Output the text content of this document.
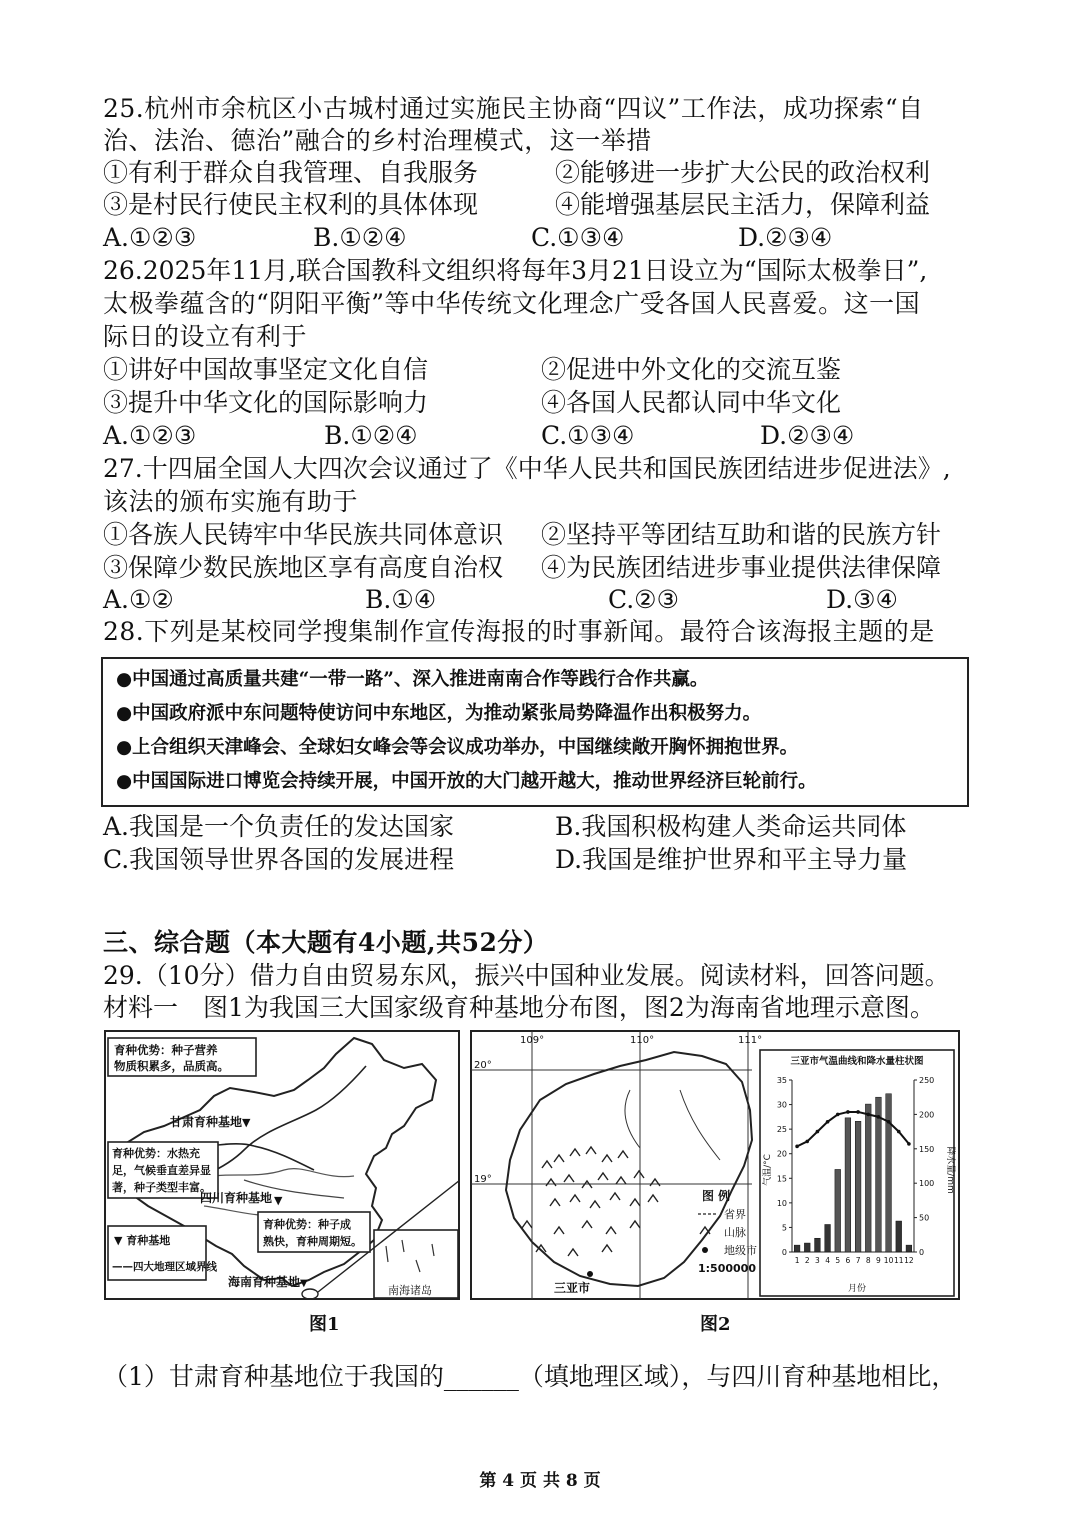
25.杭州市余杭区小古城村通过实施民主协商“四议”工作法，成功探索“自
治、法治、德治”融合的乡村治理模式，这一举措
①有利于群众自我管理、自我服务	②能够进一步扩大公民的政治权利
③是村民行使民主权利的具体体现	④能增强基层民主活力，保障利益
A.①②③	B.①②④	C.①③④	D.②③④
26.2025年11月,联合国教科文组织将每年3月21日设立为“国际太极拳日”,
太极拳蕴含的“阴阳平衡”等中华传统文化理念广受各国人民喜爱。这一国
际日的设立有利于
①讲好中国故事坚定文化自信	②促进中外文化的交流互鉴
③提升中华文化的国际影响力	④各国人民都认同中华文化
A.①②③	B.①②④	C.①③④	D.②③④
27.十四届全国人大四次会议通过了《中华人民共和国民族团结进步促进法》,
该法的颁布实施有助于
①各族人民铸牢中华民族共同体意识 ②坚持平等团结互助和谐的民族方针
③保障少数民族地区享有高度自治权 ④为民族团结进步事业提供法律保障
A.①②	B.①④	C.②③	D.③④
28.下列是某校同学搜集制作宣传海报的时事新闻。最符合该海报主题的是
●中国通过高质量共建“一带一路”、深入推进南南合作等践行合作共赢。
●中国政府派中东问题特使访问中东地区，为推动紧张局势降温作出积极努力。
●上合组织天津峰会、全球妇女峰会等会议成功举办，中国继续敞开胸怀拥抱世界。
●中国国际进口博览会持续开展，中国开放的大门越开越大，推动世界经济巨轮前行。
A.我国是一个负责任的发达国家	B.我国积极构建人类命运共同体
C.我国领导世界各国的发展进程	D.我国是维护世界和平主导力量
三、综合题（本大题有4小题,共52分）
29.（10分）借力自由贸易东风，振兴中国种业发展。阅读材料，回答问题。
材料一　图1为我国三大国家级育种基地分布图，图2为海南省地理示意图。
南海诸岛
育种优势：种子营养
物质积累多，品质高。
甘肃育种基地 ▼
育种优势：水热充
足，气候垂直差异显
著，种子类型丰富。
四川育种基地 ▼
育种优势：种子成
熟快，育种周期短。
海南育种基地 ▼
▼ 育种基地
——四大地理区域界线
109°	110°	111°
20°
19°
三亚市
图 例
省界
山脉
地级市
1:500000
三亚市气温曲线和降水量柱状图
气温/°C	降水量/mm
0
5
10
15
20
25
30
35
0
50
100
150
200
250
1 2 3 4 5 6 7 8 9 10 11 12
月份
图1	图2
（1）甘肃育种基地位于我国的______（填地理区域），与四川育种基地相比，
第 4 页 共 8 页
